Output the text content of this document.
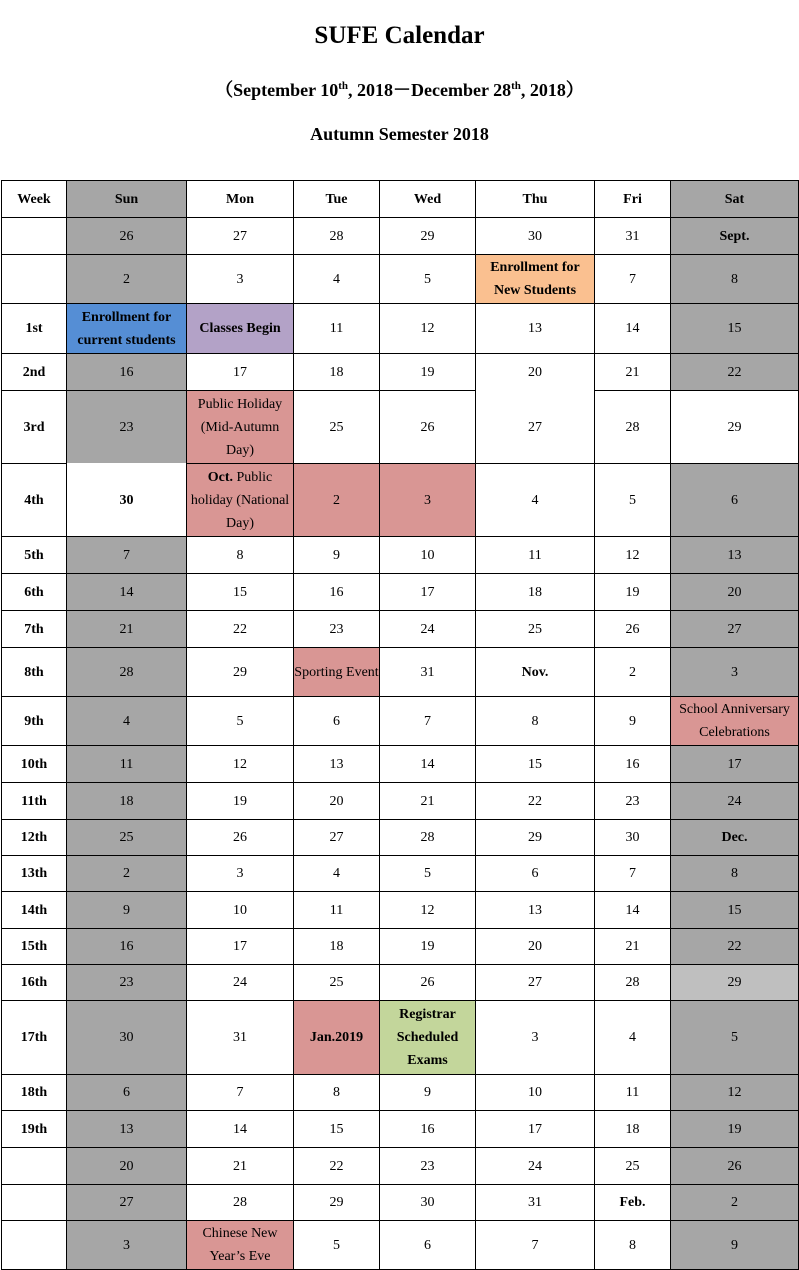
SUFE Calendar
（September 10th, 2018－December 28th, 2018）
Autumn Semester 2018
Week	Sun	Mon	Tue	Wed	Thu	Fri	Sat
	26	27	28	29	30	31	Sept.
	2	3	4	5	Enrollment for New Students	7	8
1st	Enrollment for current students	Classes Begin	11	12	13	14	15
2nd	16	17	18	19	20	21	22
3rd	23	Public Holiday (Mid-Autumn Day)	25	26	27	28	29
4th	30	Oct. Public holiday (National Day)	2	3	4	5	6
5th	7	8	9	10	11	12	13
6th	14	15	16	17	18	19	20
7th	21	22	23	24	25	26	27
8th	28	29	Sporting Event	31	Nov.	2	3
9th	4	5	6	7	8	9	School Anniversary Celebrations
10th	11	12	13	14	15	16	17
11th	18	19	20	21	22	23	24
12th	25	26	27	28	29	30	Dec.
13th	2	3	4	5	6	7	8
14th	9	10	11	12	13	14	15
15th	16	17	18	19	20	21	22
16th	23	24	25	26	27	28	29
17th	30	31	Jan.2019	Registrar Scheduled Exams	3	4	5
18th	6	7	8	9	10	11	12
19th	13	14	15	16	17	18	19
	20	21	22	23	24	25	26
	27	28	29	30	31	Feb.	2
	3	Chinese New Year’s Eve	5	6	7	8	9
